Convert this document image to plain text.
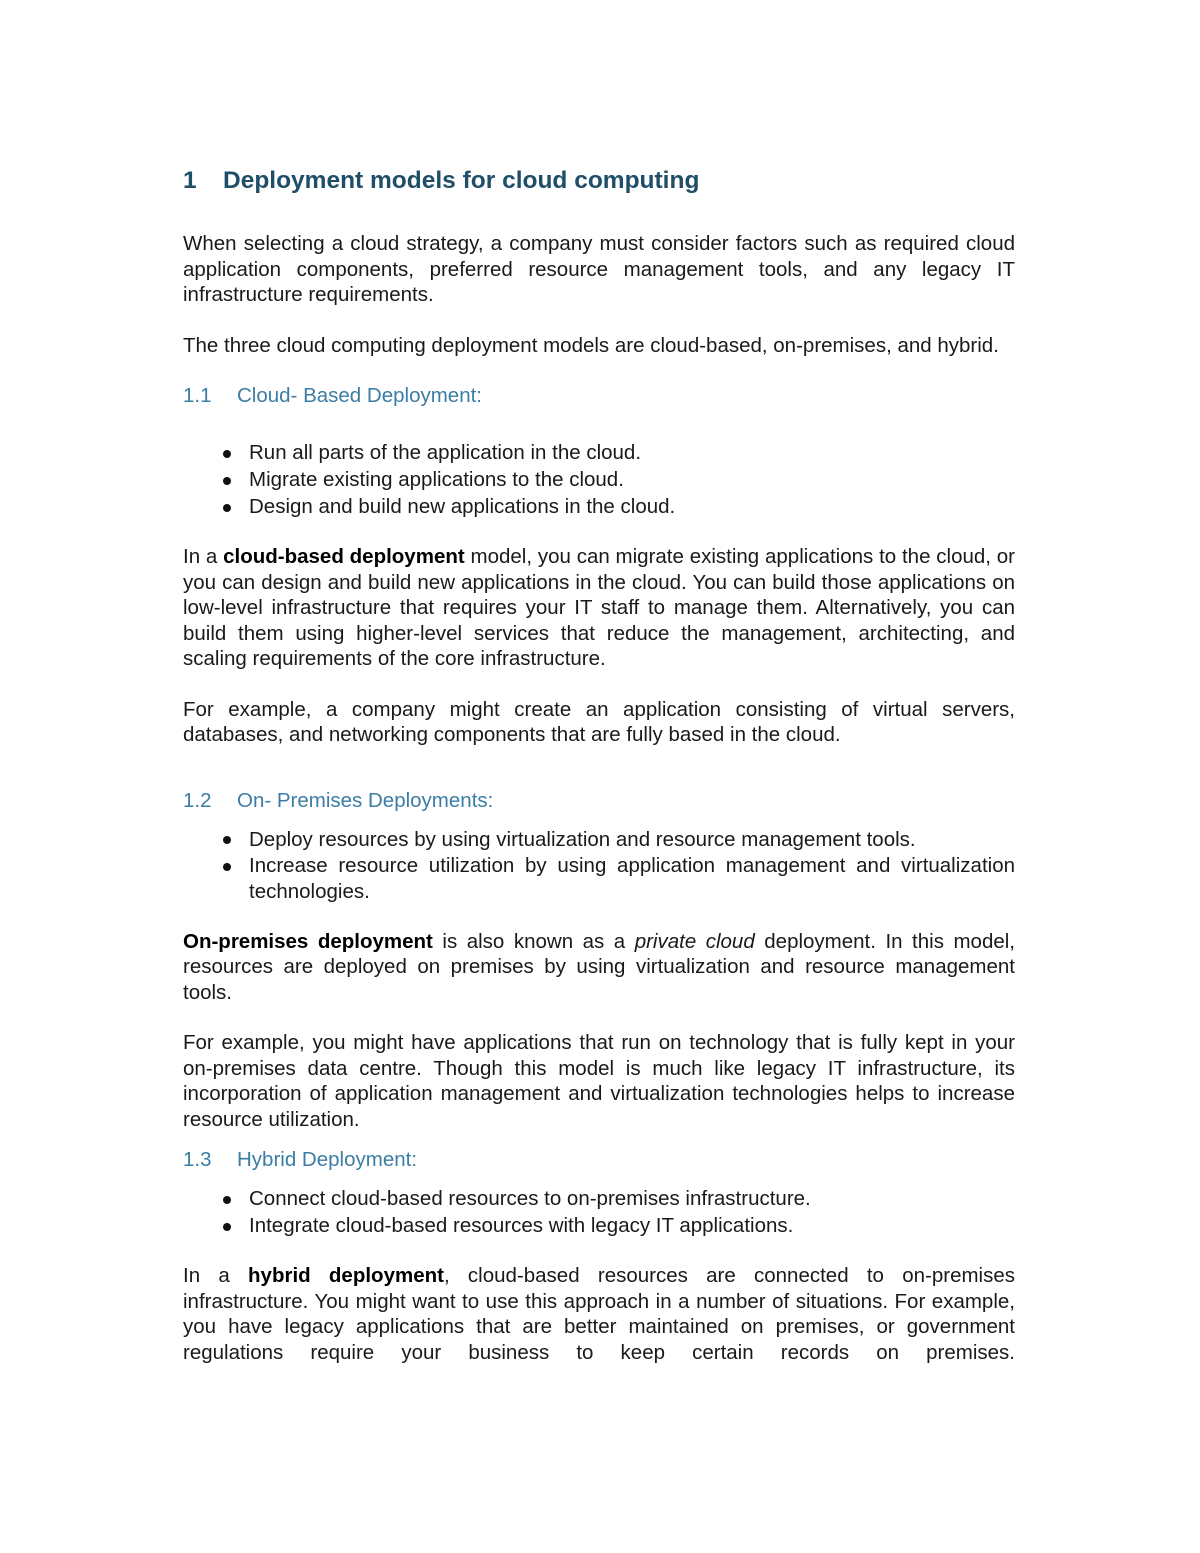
1	Deployment models for cloud computing

When selecting a cloud strategy, a company must consider factors such as required cloud application components, preferred resource management tools, and any legacy IT infrastructure requirements.

The three cloud computing deployment models are cloud-based, on-premises, and hybrid.

1.1	Cloud- Based Deployment:
Run all parts of the application in the cloud.
Migrate existing applications to the cloud.
Design and build new applications in the cloud.

In a cloud-based deployment model, you can migrate existing applications to the cloud, or you can design and build new applications in the cloud. You can build those applications on low-level infrastructure that requires your IT staff to manage them. Alternatively, you can build them using higher-level services that reduce the management, architecting, and scaling requirements of the core infrastructure.

For example, a company might create an application consisting of virtual servers, databases, and networking components that are fully based in the cloud.

1.2	On- Premises Deployments:
Deploy resources by using virtualization and resource management tools.
Increase resource utilization by using application management and virtualization technologies.

On-premises deployment is also known as a private cloud deployment. In this model, resources are deployed on premises by using virtualization and resource management tools.

For example, you might have applications that run on technology that is fully kept in your on-premises data centre. Though this model is much like legacy IT infrastructure, its incorporation of application management and virtualization technologies helps to increase resource utilization.

1.3	Hybrid Deployment:
Connect cloud-based resources to on-premises infrastructure.
Integrate cloud-based resources with legacy IT applications.

In a hybrid deployment, cloud-based resources are connected to on-premises infrastructure. You might want to use this approach in a number of situations. For example, you have legacy applications that are better maintained on premises, or government regulations require your business to keep certain records on premises.
